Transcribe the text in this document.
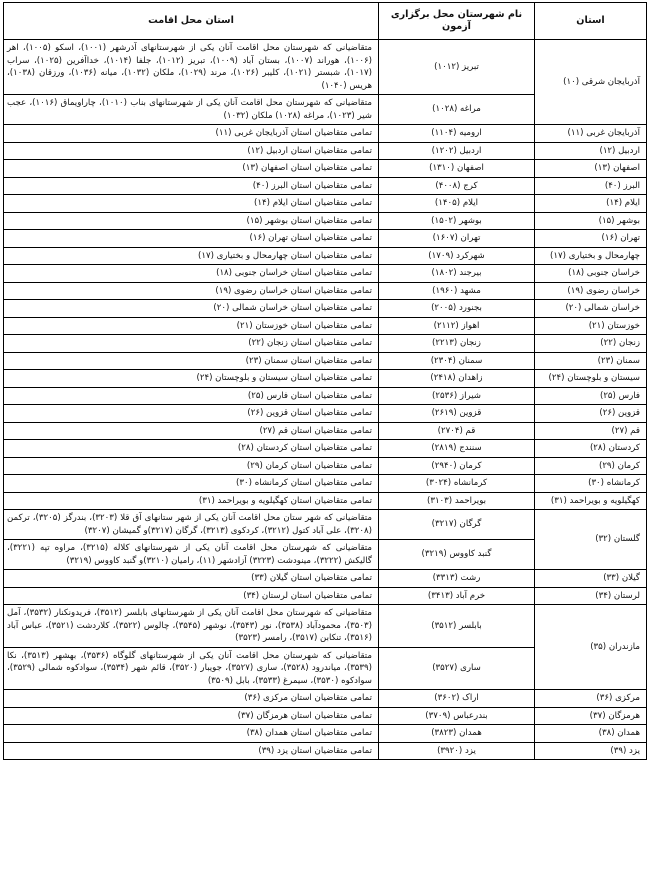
استان	نام شهرستان محل برگزاری آزمون	استان محل اقامت
آذربایجان شرقی (۱۰)	تبریز (۱۰۱۲)	متقاضیانی که شهرستان محل اقامت آنان یکی از شهرستانهای آذرشهر (۱۰۰۱)، اسکو (۱۰۰۵)، اهر (۱۰۰۶)، هوراند (۱۰۰۷)، بستان آباد (۱۰۰۹)، تبریز (۱۰۱۲)، جلفا (۱۰۱۴)، خداآفرین (۱۰۲۵)، سراب (۱۰۱۷)، شبستر (۱۰۲۱)، کلیبر (۱۰۲۶)، مرند (۱۰۲۹)، ملکان (۱۰۳۲)، میانه (۱۰۳۶)، ورزقان (۱۰۳۸)، هریس (۱۰۴۰)
	مراغه (۱۰۲۸)	متقاضیانی که شهرستان محل اقامت آنان یکی از شهرستانهای بناب (۱۰۱۰)، چاراویماق (۱۰۱۶)، عجب شیر (۱۰۲۳)، مراغه (۱۰۲۸) ملکان (۱۰۳۲)
آذربایجان غربی (۱۱)	ارومیه (۱۱۰۴)	تمامی متقاضیان استان آذربایجان غربی (۱۱)
اردبیل (۱۲)	اردبیل (۱۲۰۲)	تمامی متقاضیان استان اردبیل (۱۲)
اصفهان (۱۳)	اصفهان (۱۳۱۰)	تمامی متقاضیان استان اصفهان (۱۳)
البرز (۴۰)	کرج (۴۰۰۸)	تمامی متقاضیان استان البرز (۴۰)
ایلام (۱۴)	ایلام (۱۴۰۵)	تمامی متقاضیان استان ایلام (۱۴)
بوشهر (۱۵)	بوشهر (۱۵۰۲)	تمامی متقاضیان استان بوشهر (۱۵)
تهران (۱۶)	تهران (۱۶۰۷)	تمامی متقاضیان استان تهران (۱۶)
چهارمحال و بختیاری (۱۷)	شهرکرد (۱۷۰۹)	تمامی متقاضیان استان چهارمحال و بختیاری (۱۷)
خراسان جنوبی (۱۸)	بیرجند (۱۸۰۲)	تمامی متقاضیان استان خراسان جنوبی (۱۸)
خراسان رضوی (۱۹)	مشهد (۱۹۶۰)	تمامی متقاضیان استان خراسان رضوی (۱۹)
خراسان شمالی (۲۰)	بجنورد (۲۰۰۵)	تمامی متقاضیان استان خراسان شمالی (۲۰)
خوزستان (۲۱)	اهواز (۲۱۱۲)	تمامی متقاضیان استان خوزستان (۲۱)
زنجان (۲۲)	زنجان (۲۲۱۳)	تمامی متقاضیان استان زنجان (۲۲)
سمنان (۲۳)	سمنان (۲۳۰۴)	تمامی متقاضیان استان سمنان (۲۳)
سیستان و بلوچستان (۲۴)	زاهدان (۲۴۱۸)	تمامی متقاضیان استان سیستان و بلوچستان (۲۴)
فارس (۲۵)	شیراز (۲۵۳۶)	تمامی متقاضیان استان فارس (۲۵)
قزوین (۲۶)	قزوین (۲۶۱۹)	تمامی متقاضیان استان قزوین (۲۶)
قم (۲۷)	قم (۲۷۰۴)	تمامی متقاضیان استان قم (۲۷)
کردستان (۲۸)	سنندج (۲۸۱۹)	تمامی متقاضیان استان کردستان (۲۸)
کرمان (۲۹)	کرمان (۲۹۴۰)	تمامی متقاضیان استان کرمان (۲۹)
کرمانشاه (۳۰)	کرمانشاه (۳۰۲۴)	تمامی متقاضیان استان کرمانشاه (۳۰)
کهگیلویه و بویراحمد (۳۱)	بویراحمد (۳۱۰۳)	تمامی متقاضیان استان کهگیلویه و بویراحمد (۳۱)
گلستان (۳۲)	گرگان (۳۲۱۷)	متقاضیانی که شهر ستان محل اقامت آنان یکی از شهر ستانهای آق قلا (۳۲۰۳)، بندرگز (۳۲۰۵)، ترکمن (۳۲۰۸)، علی آباد کتول (۳۲۱۲)، کردکوی (۳۲۱۳)، گرگان (۳۲۱۷)و گمیشان (۳۲۰۷)
	گنبد کاووس (۳۲۱۹)	متقاضیانی که شهرستان محل اقامت آنان یکی از شهرستانهای کلاله (۳۲۱۵)، مراوه تپه (۳۲۲۱)، گالیکش (۳۲۲۲)، مینودشت (۳۲۲۳) آزادشهر (۱۱)، رامیان (۳۲۱۰)و گنبد کاووس (۳۲۱۹)
گیلان (۳۳)	رشت (۳۳۱۳)	تمامی متقاضیان استان گیلان (۳۳)
لرستان (۳۴)	خرم آباد (۳۴۱۳)	تمامی متقاضیان استان لرستان (۳۴)
مازندران (۳۵)	بابلسر (۳۵۱۲)	متقاضیانی که شهرستان محل اقامت آنان یکی از شهرستانهای بابلسر (۳۵۱۲)، فریدونکنار (۳۵۳۲)، آمل (۳۵۰۳)، محمودآباد (۳۵۳۸)، نور (۳۵۴۳)، نوشهر (۳۵۴۵)، چالوس (۳۵۲۲)، کلاردشت (۳۵۲۱)، عباس آباد (۳۵۱۶)، تنکابن (۳۵۱۷)، رامسر (۳۵۲۳)
	ساری (۳۵۲۷)	متقاضیانی که شهرستان محل اقامت آنان یکی از شهرستانهای گلوگاه (۳۵۳۶)، بهشهر (۳۵۱۳)، نکا (۳۵۳۹)، میاندرود (۳۵۲۸)، ساری (۳۵۲۷)، جویبار (۳۵۲۰)، قائم شهر (۳۵۳۴)، سوادکوه شمالی (۳۵۲۹)، سوادکوه (۳۵۳۰)، سیمرغ (۳۵۳۳)، بابل (۳۵۰۹)
مرکزی (۳۶)	اراک (۳۶۰۲)	تمامی متقاضیان استان مرکزی (۳۶)
هرمزگان (۳۷)	بندرعباس (۳۷۰۹)	تمامی متقاضیان استان هرمزگان (۳۷)
همدان (۳۸)	همدان (۳۸۲۳)	تمامی متقاضیان استان همدان (۳۸)
یزد (۳۹)	یزد (۳۹۲۰)	تمامی متقاضیان استان یزد (۳۹)
